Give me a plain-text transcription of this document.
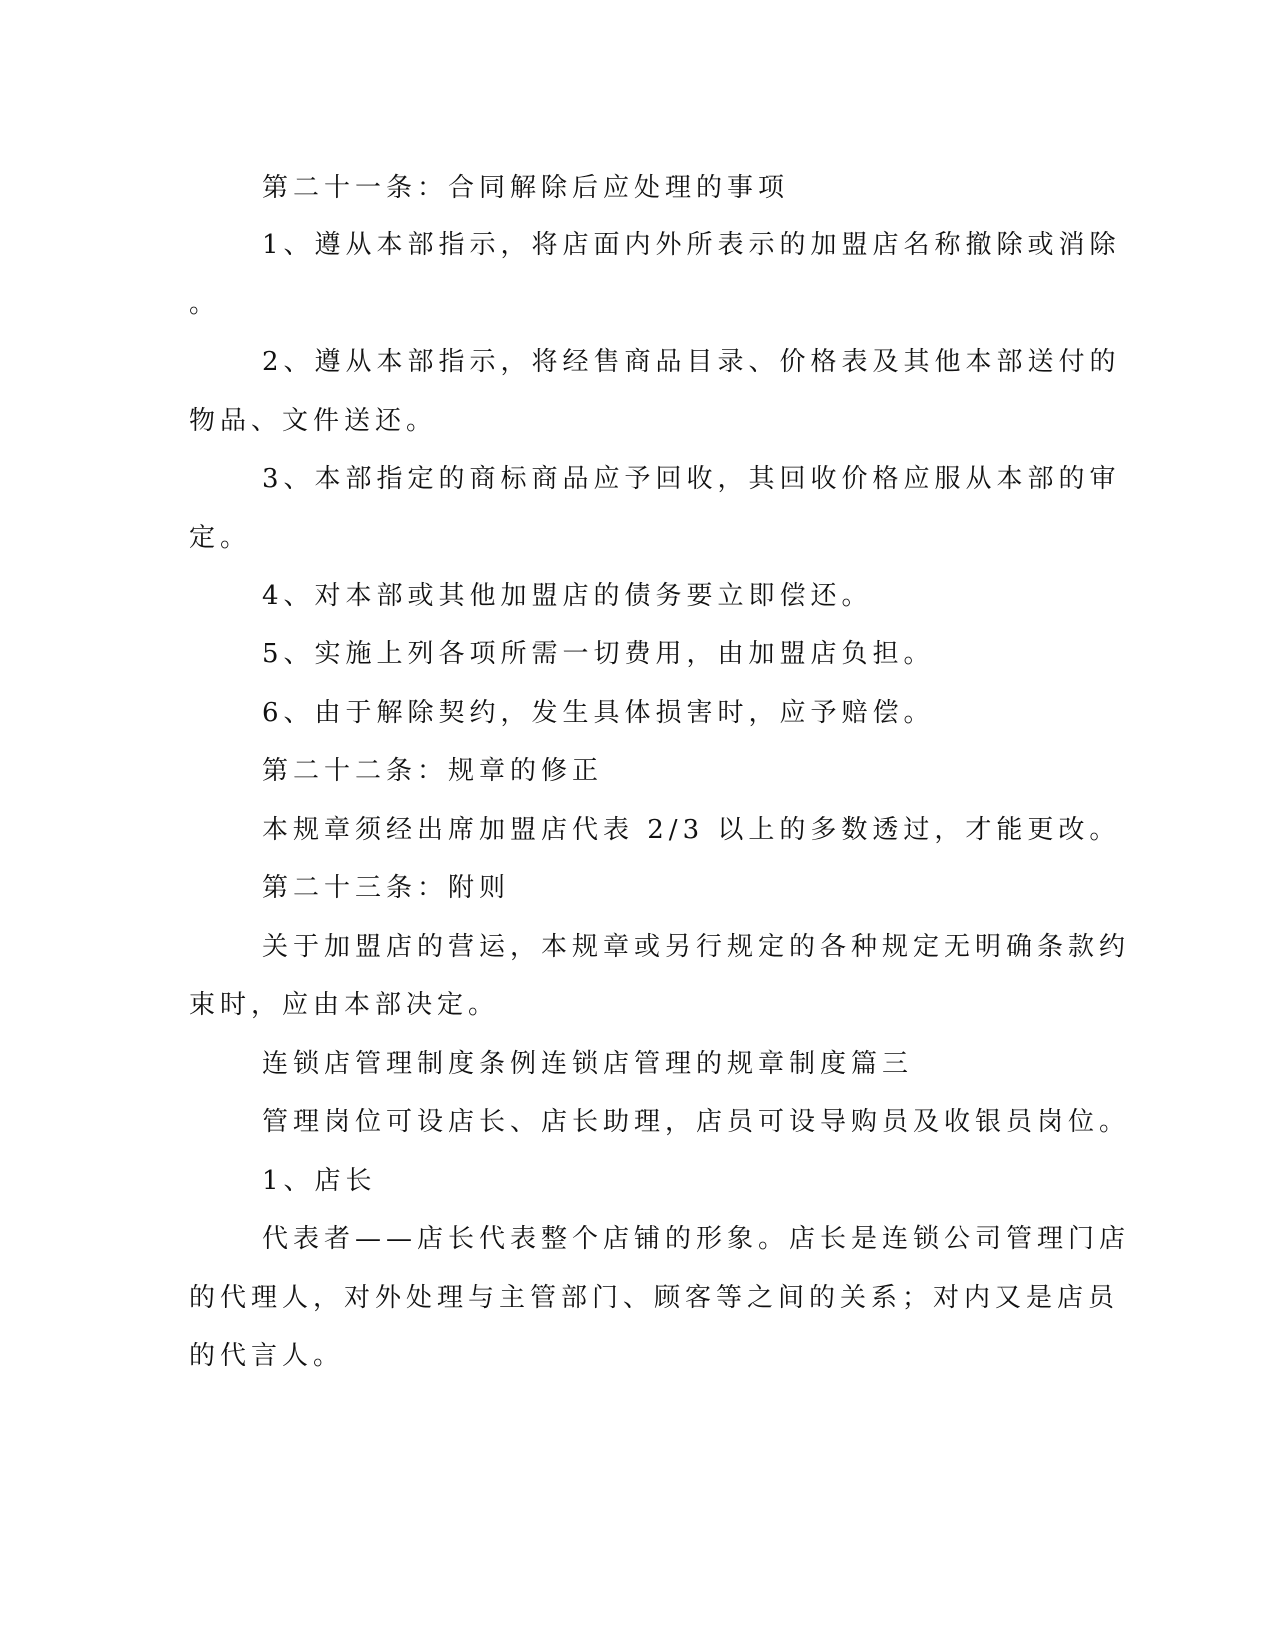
第二十一条：合同解除后应处理的事项
1、遵从本部指示，将店面内外所表示的加盟店名称撤除或消除
。
2、遵从本部指示，将经售商品目录、价格表及其他本部送付的
物品、文件送还。
3、本部指定的商标商品应予回收，其回收价格应服从本部的审
定。
4、对本部或其他加盟店的债务要立即偿还。
5、实施上列各项所需一切费用，由加盟店负担。
6、由于解除契约，发生具体损害时，应予赔偿。
第二十二条：规章的修正
本规章须经出席加盟店代表 2/3 以上的多数透过，才能更改。
第二十三条：附则
关于加盟店的营运，本规章或另行规定的各种规定无明确条款约
束时，应由本部决定。
连锁店管理制度条例连锁店管理的规章制度篇三
管理岗位可设店长、店长助理，店员可设导购员及收银员岗位。
1、店长
代表者——店长代表整个店铺的形象。店长是连锁公司管理门店
的代理人，对外处理与主管部门、顾客等之间的关系；对内又是店员
的代言人。
